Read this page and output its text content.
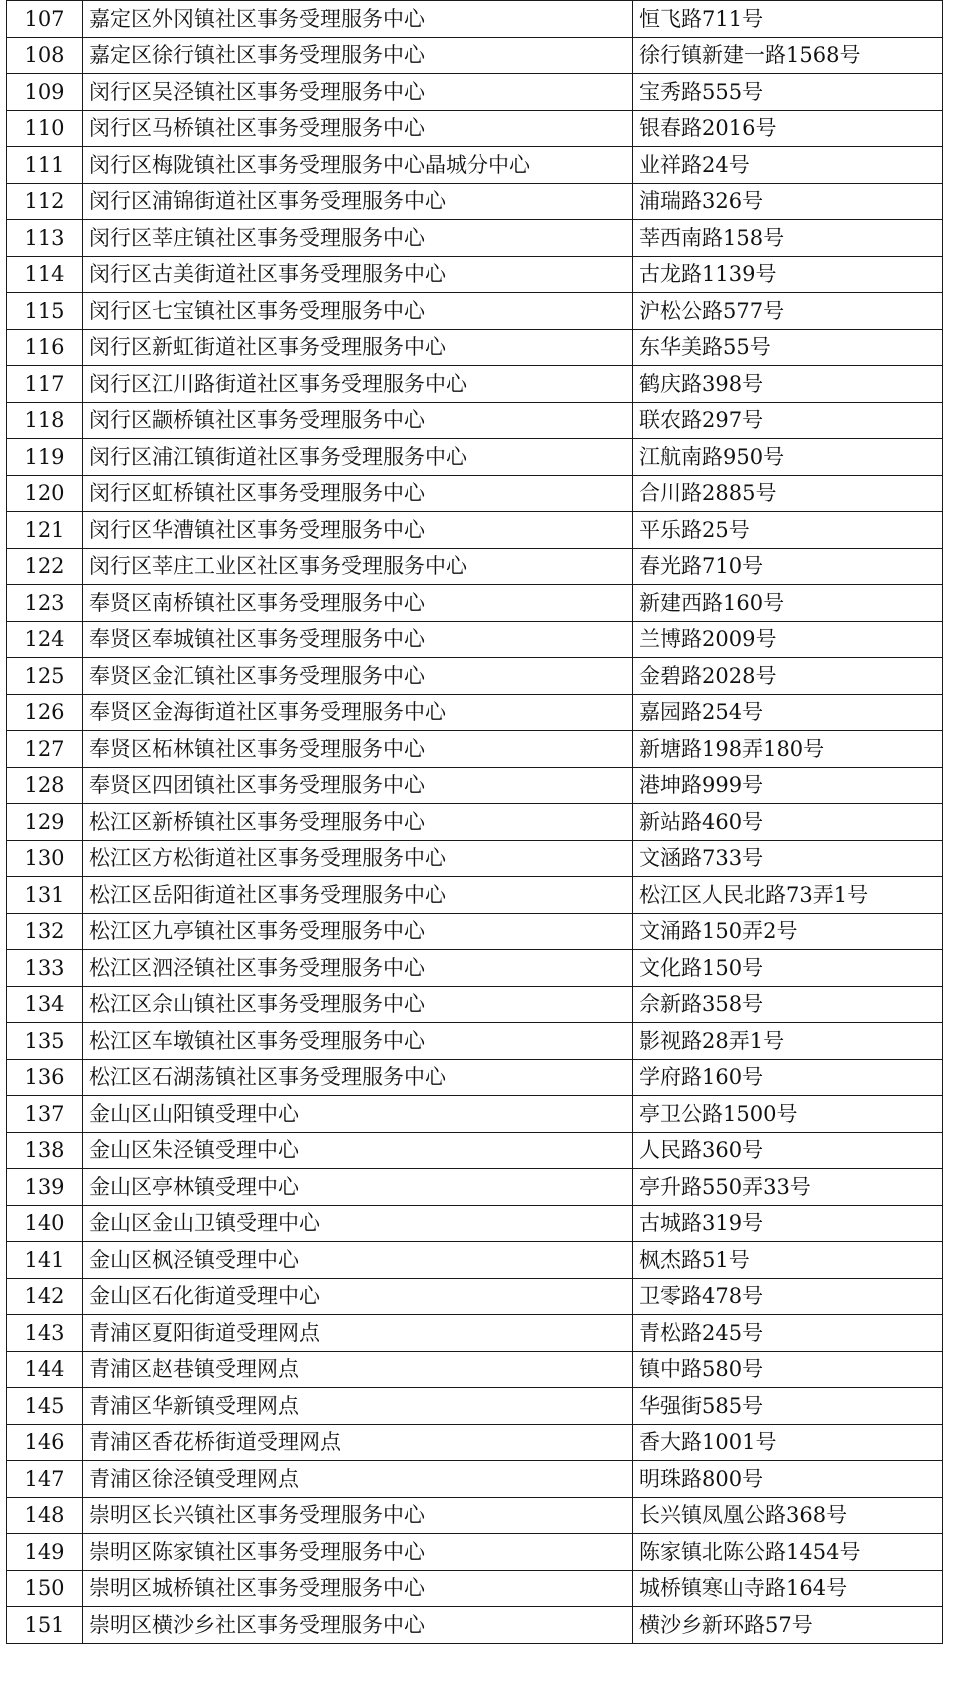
107	嘉定区外冈镇社区事务受理服务中心	恒飞路711号
108	嘉定区徐行镇社区事务受理服务中心	徐行镇新建一路1568号
109	闵行区吴泾镇社区事务受理服务中心	宝秀路555号
110	闵行区马桥镇社区事务受理服务中心	银春路2016号
111	闵行区梅陇镇社区事务受理服务中心晶城分中心	业祥路24号
112	闵行区浦锦街道社区事务受理服务中心	浦瑞路326号
113	闵行区莘庄镇社区事务受理服务中心	莘西南路158号
114	闵行区古美街道社区事务受理服务中心	古龙路1139号
115	闵行区七宝镇社区事务受理服务中心	沪松公路577号
116	闵行区新虹街道社区事务受理服务中心	东华美路55号
117	闵行区江川路街道社区事务受理服务中心	鹤庆路398号
118	闵行区颛桥镇社区事务受理服务中心	联农路297号
119	闵行区浦江镇街道社区事务受理服务中心	江航南路950号
120	闵行区虹桥镇社区事务受理服务中心	合川路2885号
121	闵行区华漕镇社区事务受理服务中心	平乐路25号
122	闵行区莘庄工业区社区事务受理服务中心	春光路710号
123	奉贤区南桥镇社区事务受理服务中心	新建西路160号
124	奉贤区奉城镇社区事务受理服务中心	兰博路2009号
125	奉贤区金汇镇社区事务受理服务中心	金碧路2028号
126	奉贤区金海街道社区事务受理服务中心	嘉园路254号
127	奉贤区柘林镇社区事务受理服务中心	新塘路198弄180号
128	奉贤区四团镇社区事务受理服务中心	港坤路999号
129	松江区新桥镇社区事务受理服务中心	新站路460号
130	松江区方松街道社区事务受理服务中心	文涵路733号
131	松江区岳阳街道社区事务受理服务中心	松江区人民北路73弄1号
132	松江区九亭镇社区事务受理服务中心	文涌路150弄2号
133	松江区泗泾镇社区事务受理服务中心	文化路150号
134	松江区佘山镇社区事务受理服务中心	佘新路358号
135	松江区车墩镇社区事务受理服务中心	影视路28弄1号
136	松江区石湖荡镇社区事务受理服务中心	学府路160号
137	金山区山阳镇受理中心	亭卫公路1500号
138	金山区朱泾镇受理中心	人民路360号
139	金山区亭林镇受理中心	亭升路550弄33号
140	金山区金山卫镇受理中心	古城路319号
141	金山区枫泾镇受理中心	枫杰路51号
142	金山区石化街道受理中心	卫零路478号
143	青浦区夏阳街道受理网点	青松路245号
144	青浦区赵巷镇受理网点	镇中路580号
145	青浦区华新镇受理网点	华强街585号
146	青浦区香花桥街道受理网点	香大路1001号
147	青浦区徐泾镇受理网点	明珠路800号
148	崇明区长兴镇社区事务受理服务中心	长兴镇凤凰公路368号
149	崇明区陈家镇社区事务受理服务中心	陈家镇北陈公路1454号
150	崇明区城桥镇社区事务受理服务中心	城桥镇寒山寺路164号
151	崇明区横沙乡社区事务受理服务中心	横沙乡新环路57号
